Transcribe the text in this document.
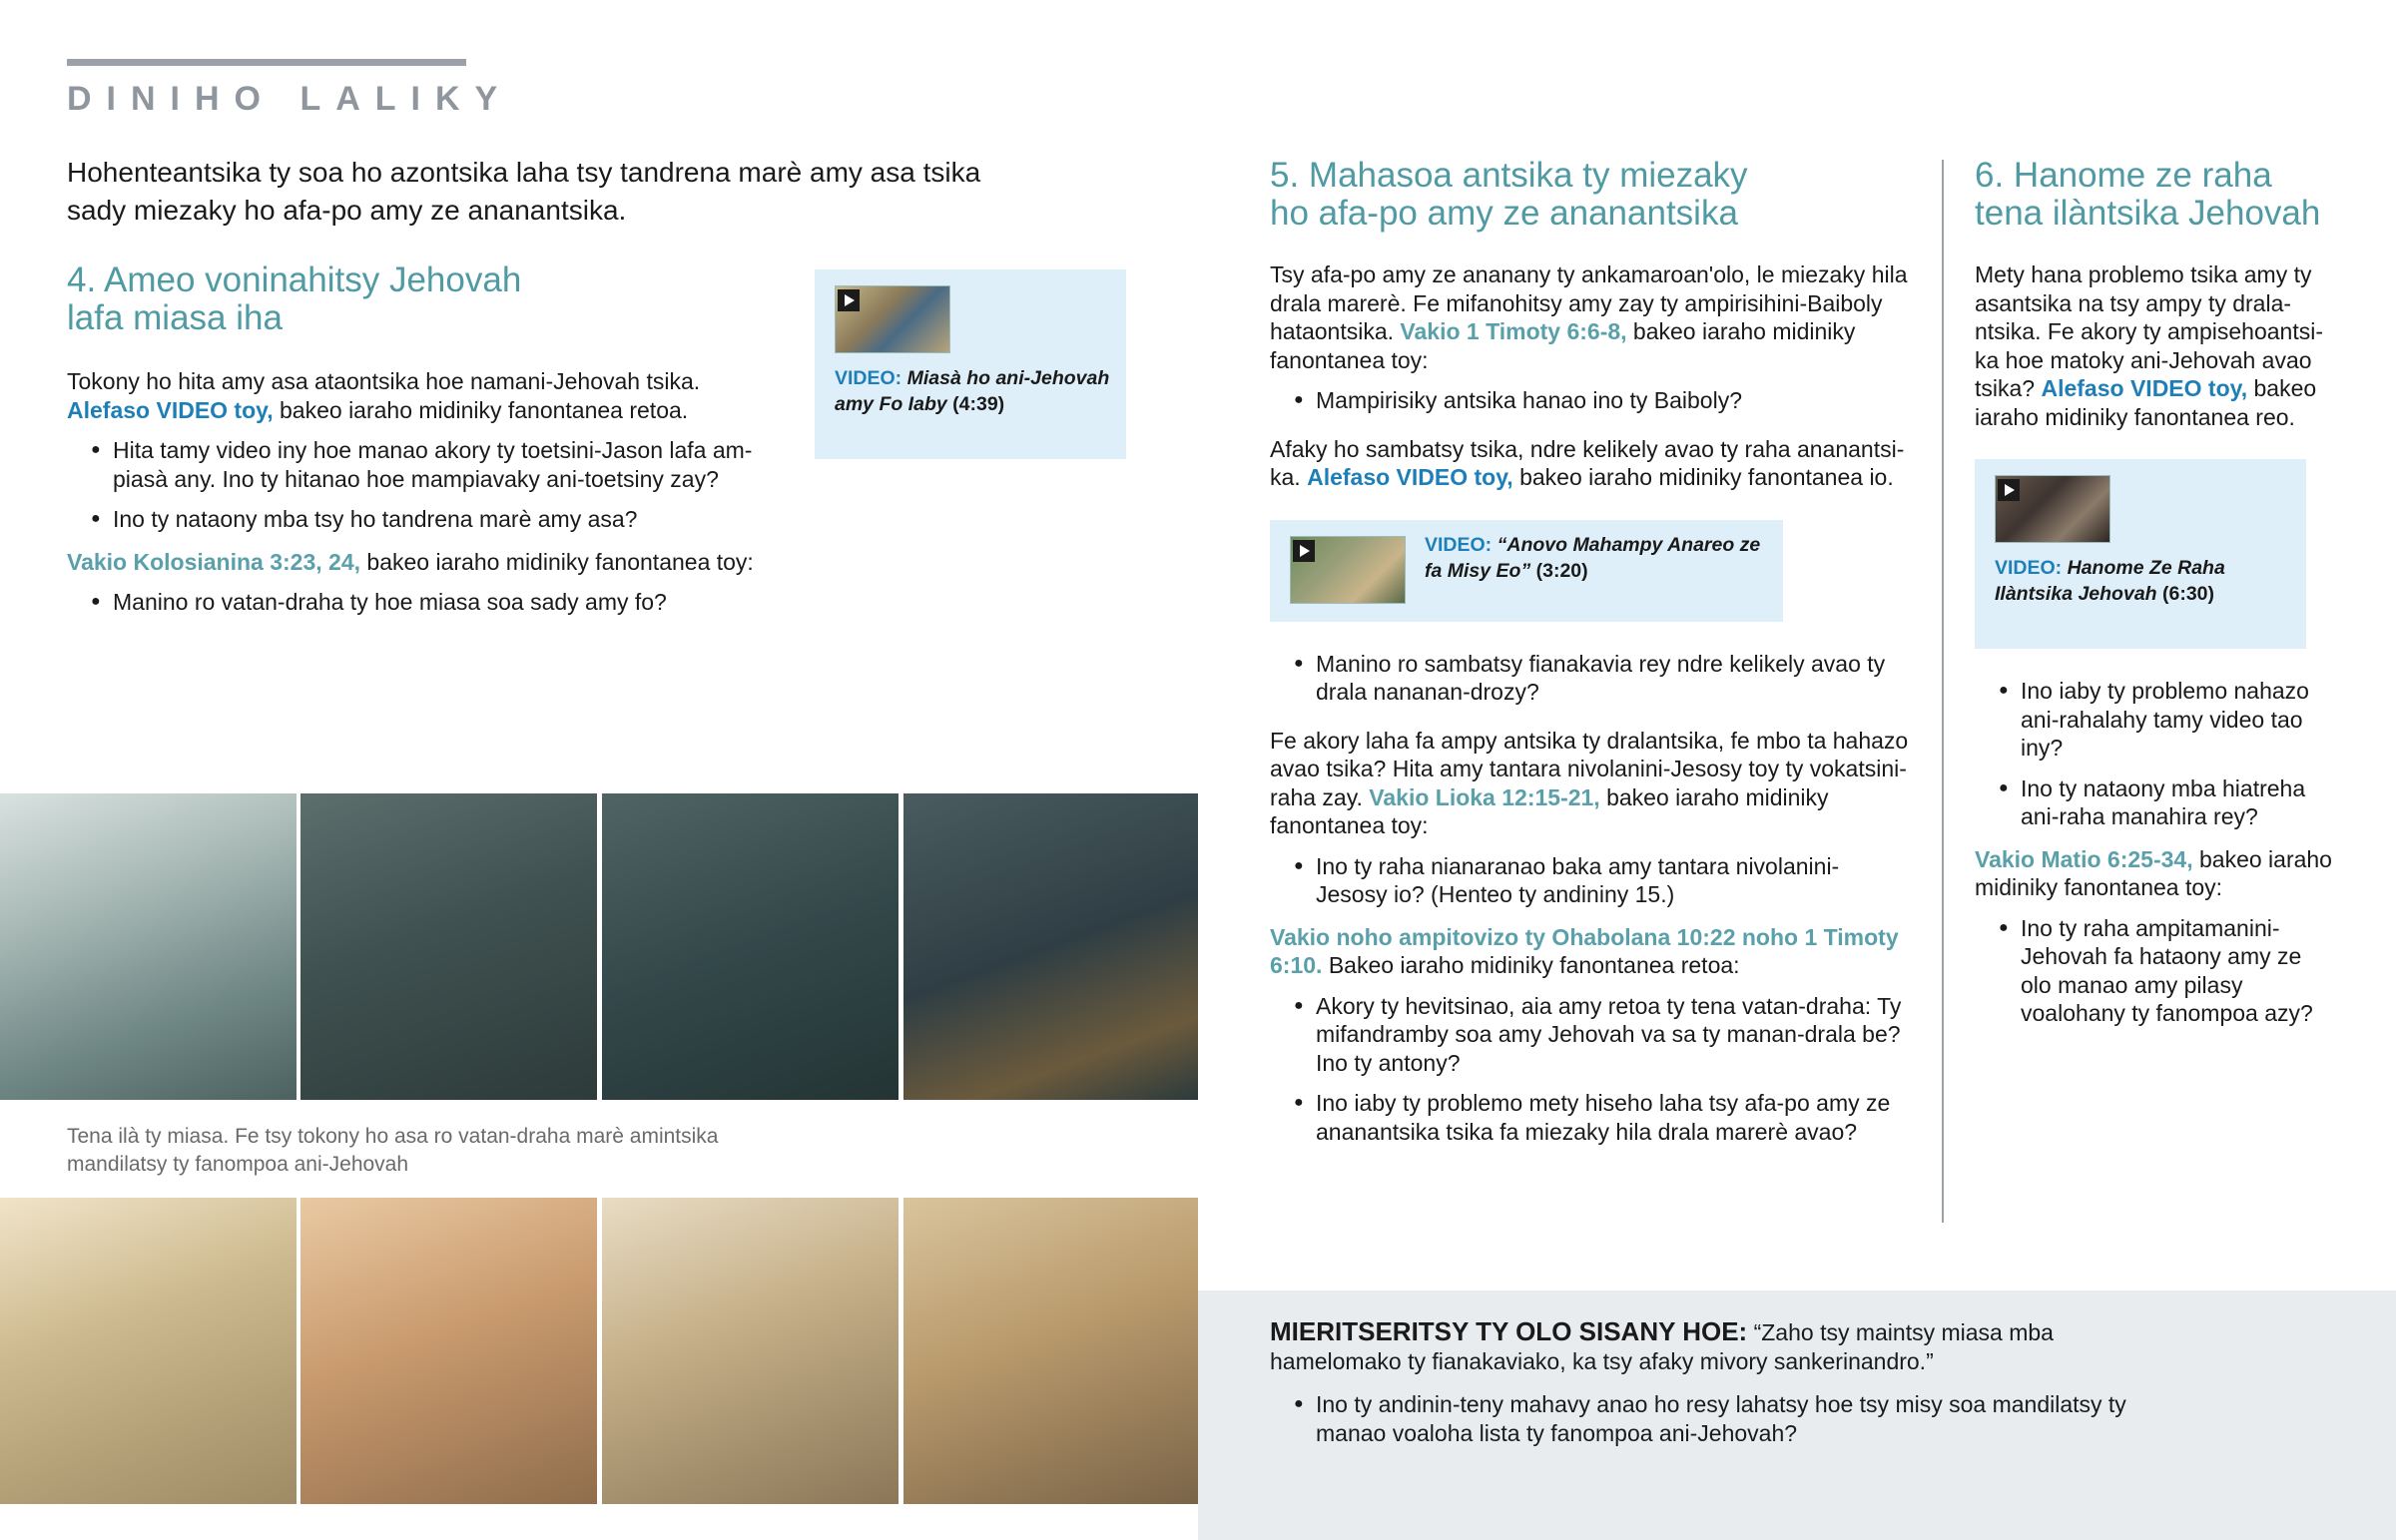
DINIHO LALIKY
Hohenteantsika ty soa ho azontsika laha tsy tandrena marè amy asa tsika sady miezaky ho afa-po amy ze ananantsika.
4. Ameo voninahitsy Jehovah
lafa miasa iha
Tokony ho hita amy asa ataontsika hoe namani-Jehovah tsika.
Alefaso VIDEO toy, bakeo iaraho midiniky fanontanea retoa.
● Hita tamy video iny hoe manao akory ty toetsini-Jason lafa am-piasà any. Ino ty hitanao hoe mampiavaky ani-toetsiny zay?
● Ino ty nataony mba tsy ho tandrena marè amy asa?
Vakio Kolosianina 3:23, 24, bakeo iaraho midiniky fanontanea toy:
● Manino ro vatan-draha ty hoe miasa soa sady amy fo?
VIDEO: Miasà ho ani-Jehovah amy Fo Iaby (4:39)
Tena ilà ty miasa. Fe tsy tokony ho asa ro vatan-draha marè amintsika mandilatsy ty fanompoa ani-Jehovah
5. Mahasoa antsika ty miezaky
ho afa-po amy ze ananantsika
Tsy afa-po amy ze ananany ty ankamaroan'olo, le miezaky hila drala marerè. Fe mifanohitsy amy zay ty ampirisihini-Baiboly hataontsika. Vakio 1 Timoty 6:6-8, bakeo iaraho midiniky fanontanea toy:
● Mampirisiky antsika hanao ino ty Baiboly?
Afaky ho sambatsy tsika, ndre kelikely avao ty raha ananantsika. Alefaso VIDEO toy, bakeo iaraho midiniky fanontanea io.
VIDEO: “Anovo Mahampy Anareo ze fa Misy Eo” (3:20)
● Manino ro sambatsy fianakavia rey ndre kelikely avao ty drala nananan-drozy?
Fe akory laha fa ampy antsika ty dralantsika, fe mbo ta hahazo avao tsika? Hita amy tantara nivolanini-Jesosy toy ty vokatsini-raha zay. Vakio Lioka 12:15-21, bakeo iaraho midiniky fanontanea toy:
● Ino ty raha nianaranao baka amy tantara nivolanini-Jesosy io? (Henteo ty andininy 15.)
Vakio noho ampitovizo ty Ohabolana 10:22 noho 1 Timoty 6:10. Bakeo iaraho midiniky fanontanea retoa:
● Akory ty hevitsinao, aia amy retoa ty tena vatan-draha: Ty mifandramby soa amy Jehovah va sa ty manan-drala be? Ino ty antony?
● Ino iaby ty problemo mety hiseho laha tsy afa-po amy ze ananantsika tsika fa miezaky hila drala marerè avao?
6. Hanome ze raha
tena ilàntsika Jehovah
Mety hana problemo tsika amy ty asantsika na tsy ampy ty dralantsika. Fe akory ty ampisehoantsika hoe matoky ani-Jehovah avao tsika? Alefaso VIDEO toy, bakeo iaraho midiniky fanontanea reo.
VIDEO: Hanome Ze Raha Ilàntsika Jehovah (6:30)
● Ino iaby ty problemo nahazo ani-rahalahy tamy video tao iny?
● Ino ty nataony mba hiatreha ani-raha manahira rey?
Vakio Matio 6:25-34, bakeo iaraho midiniky fanontanea toy:
● Ino ty raha ampitamanini-Jehovah fa hataony amy ze olo manao amy pilasy voalohany ty fanompoa azy?
MIERITSERITSY TY OLO SISANY HOE: “Zaho tsy maintsy miasa mba hamelomako ty fianakaviako, ka tsy afaky mivory sankerinandro.”
● Ino ty andinin-teny mahavy anao ho resy lahatsy hoe tsy misy soa mandilatsy ty manao voaloha lista ty fanompoa ani-Jehovah?
